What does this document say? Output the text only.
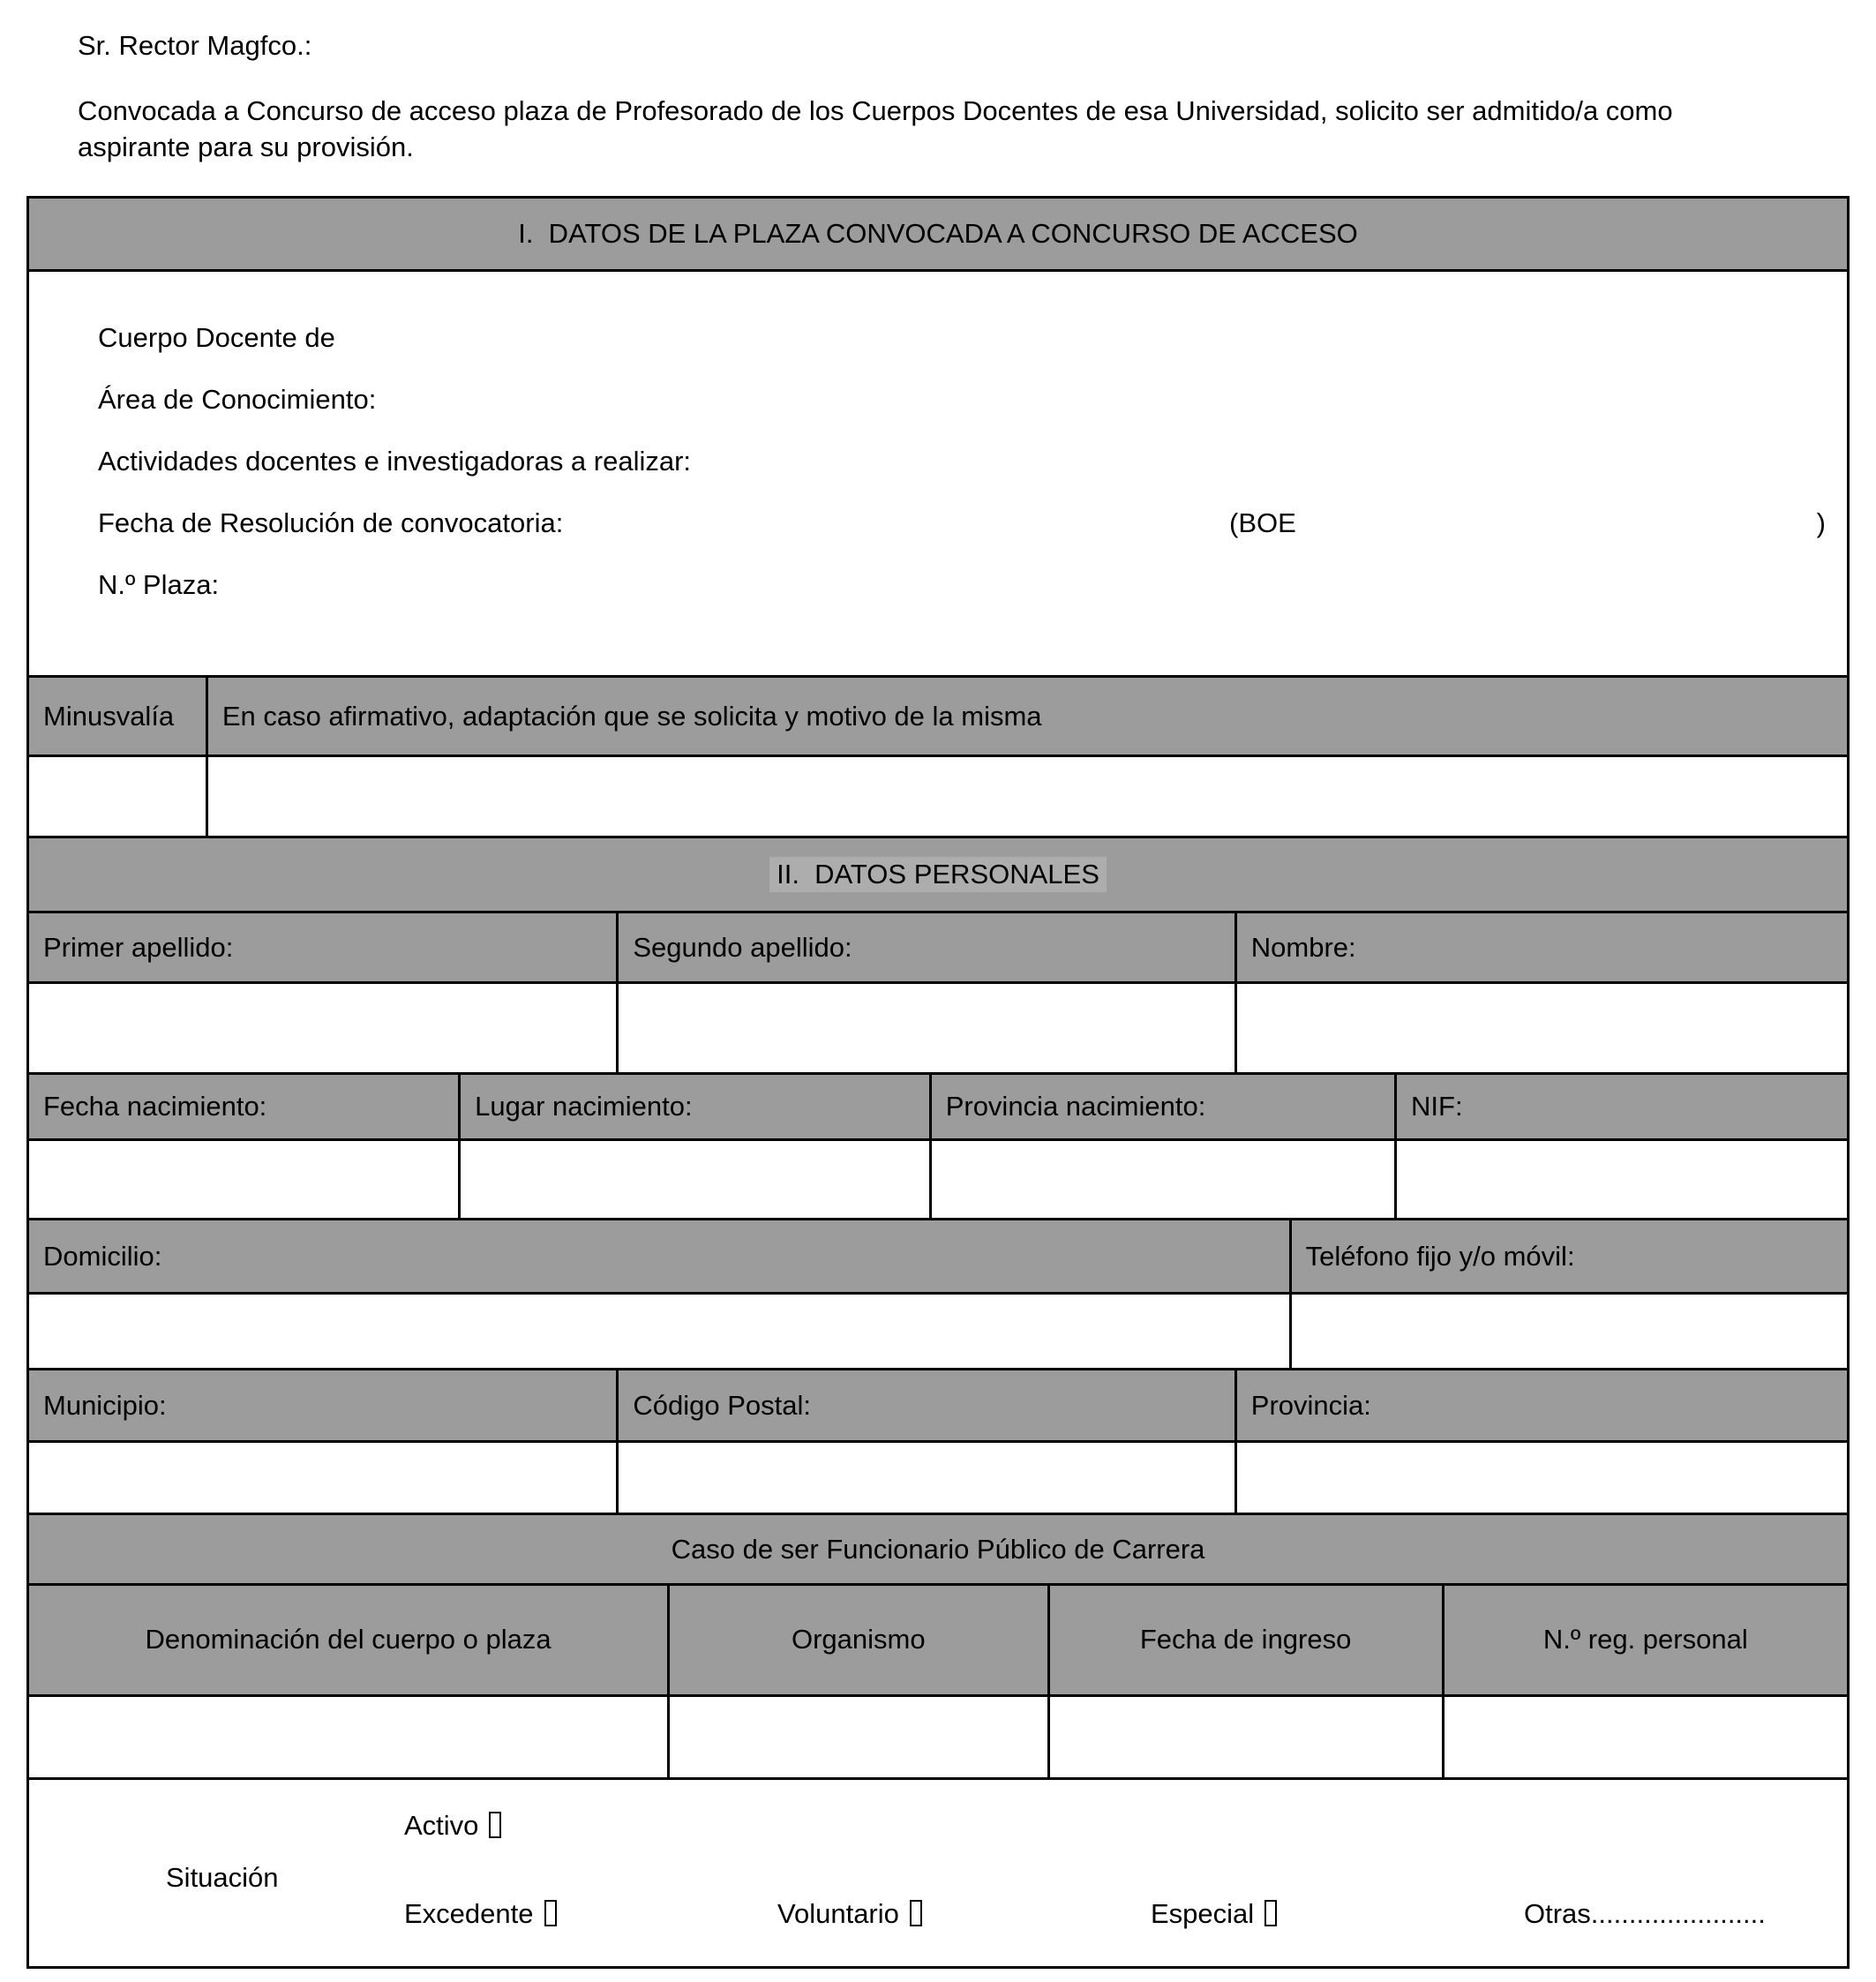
Sr. Rector Magfco.:

Convocada a Concurso de acceso plaza de Profesorado de los Cuerpos Docentes de esa Universidad, solicito ser admitido/a como aspirante para su provisión.

I.  DATOS DE LA PLAZA CONVOCADA A CONCURSO DE ACCESO
Cuerpo Docente de
Área de Conocimiento:
Actividades docentes e investigadoras a realizar:
Fecha de Resolución de convocatoria:	(BOE	)
N.º Plaza:
Minusvalía En caso afirmativo, adaptación que se solicita y motivo de la misma
II.  DATOS PERSONALES
Primer apellido:	Segundo apellido:	Nombre:
Fecha nacimiento:	Lugar nacimiento:	Provincia nacimiento:	NIF:
Domicilio:	Teléfono fijo y/o móvil:
Municipio:	Código Postal:	Provincia:
Caso de ser Funcionario Público de Carrera
Denominación del cuerpo o plaza	Organismo	Fecha de ingreso	N.º reg. personal
Situación
Activo
Excedente	Voluntario	Especial	Otras.......................
